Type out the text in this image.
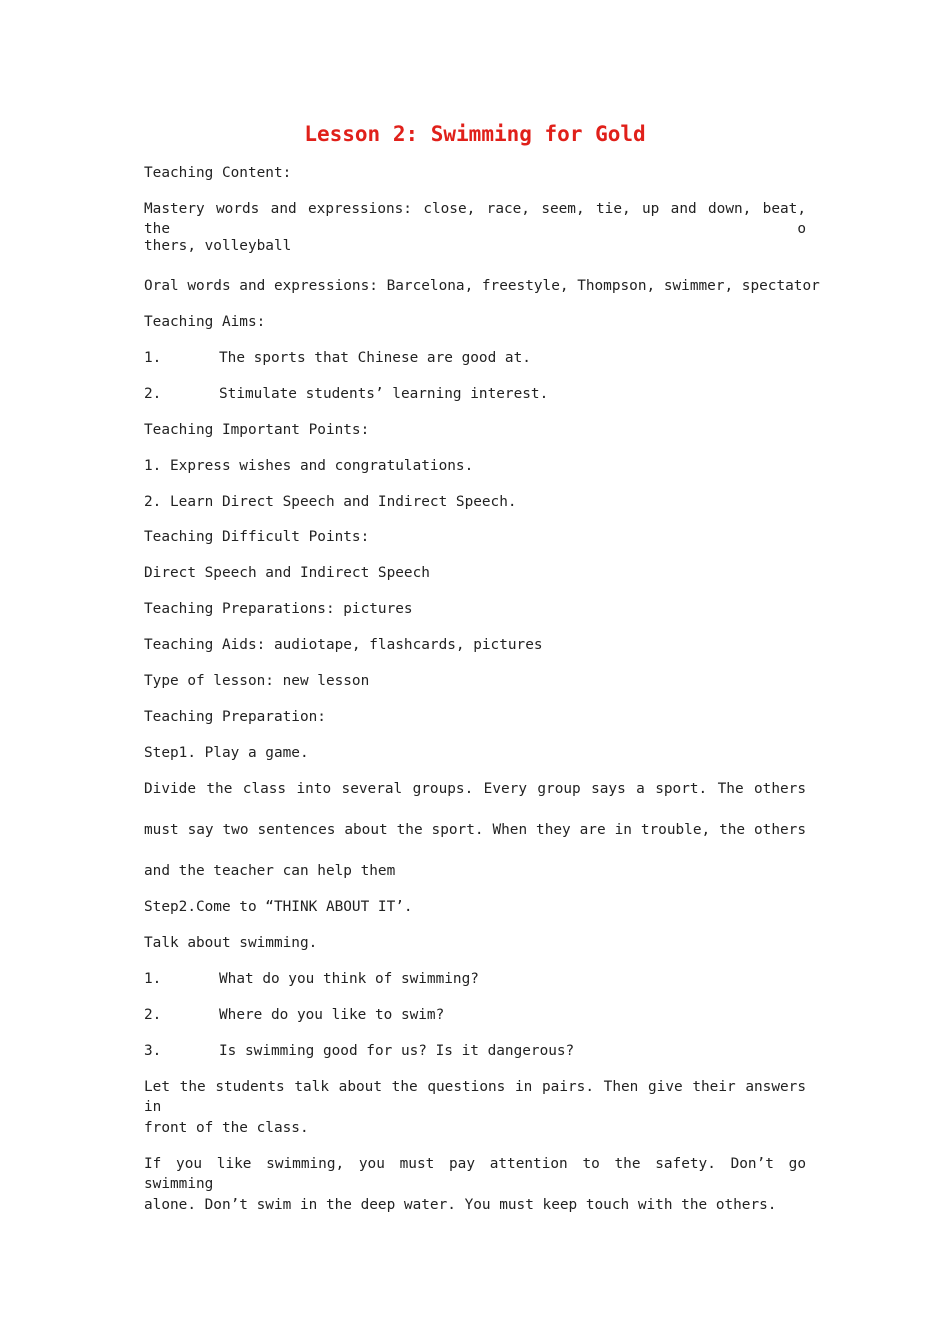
Lesson 2: Swimming for Gold
Teaching Content:
Mastery words and expressions: close, race, seem, tie, up and down, beat, the o
thers, volleyball
Oral words and expressions: Barcelona, freestyle, Thompson, swimmer, spectator
Teaching Aims:
1.	The sports that Chinese are good at.
2.	Stimulate students’ learning interest.
Teaching Important Points:
1. Express wishes and congratulations.
2. Learn Direct Speech and Indirect Speech.
Teaching Difficult Points:
Direct Speech and Indirect Speech
Teaching Preparations: pictures
Teaching Aids: audiotape, flashcards, pictures
Type of lesson: new lesson
Teaching Preparation:
Step1. Play a game.
Divide the class into several groups. Every group says a sport. The others
must say two sentences about the sport. When they are in trouble, the others
and the teacher can help them
Step2.Come to “THINK ABOUT IT’.
Talk about swimming.
1.	What do you think of swimming?
2.	Where do you like to swim?
3.	Is swimming good for us? Is it dangerous?
Let the students talk about the questions in pairs. Then give their answers in
front of the class.
If you like swimming, you must pay attention to the safety. Don’t go swimming
alone. Don’t swim in the deep water. You must keep touch with the others.
